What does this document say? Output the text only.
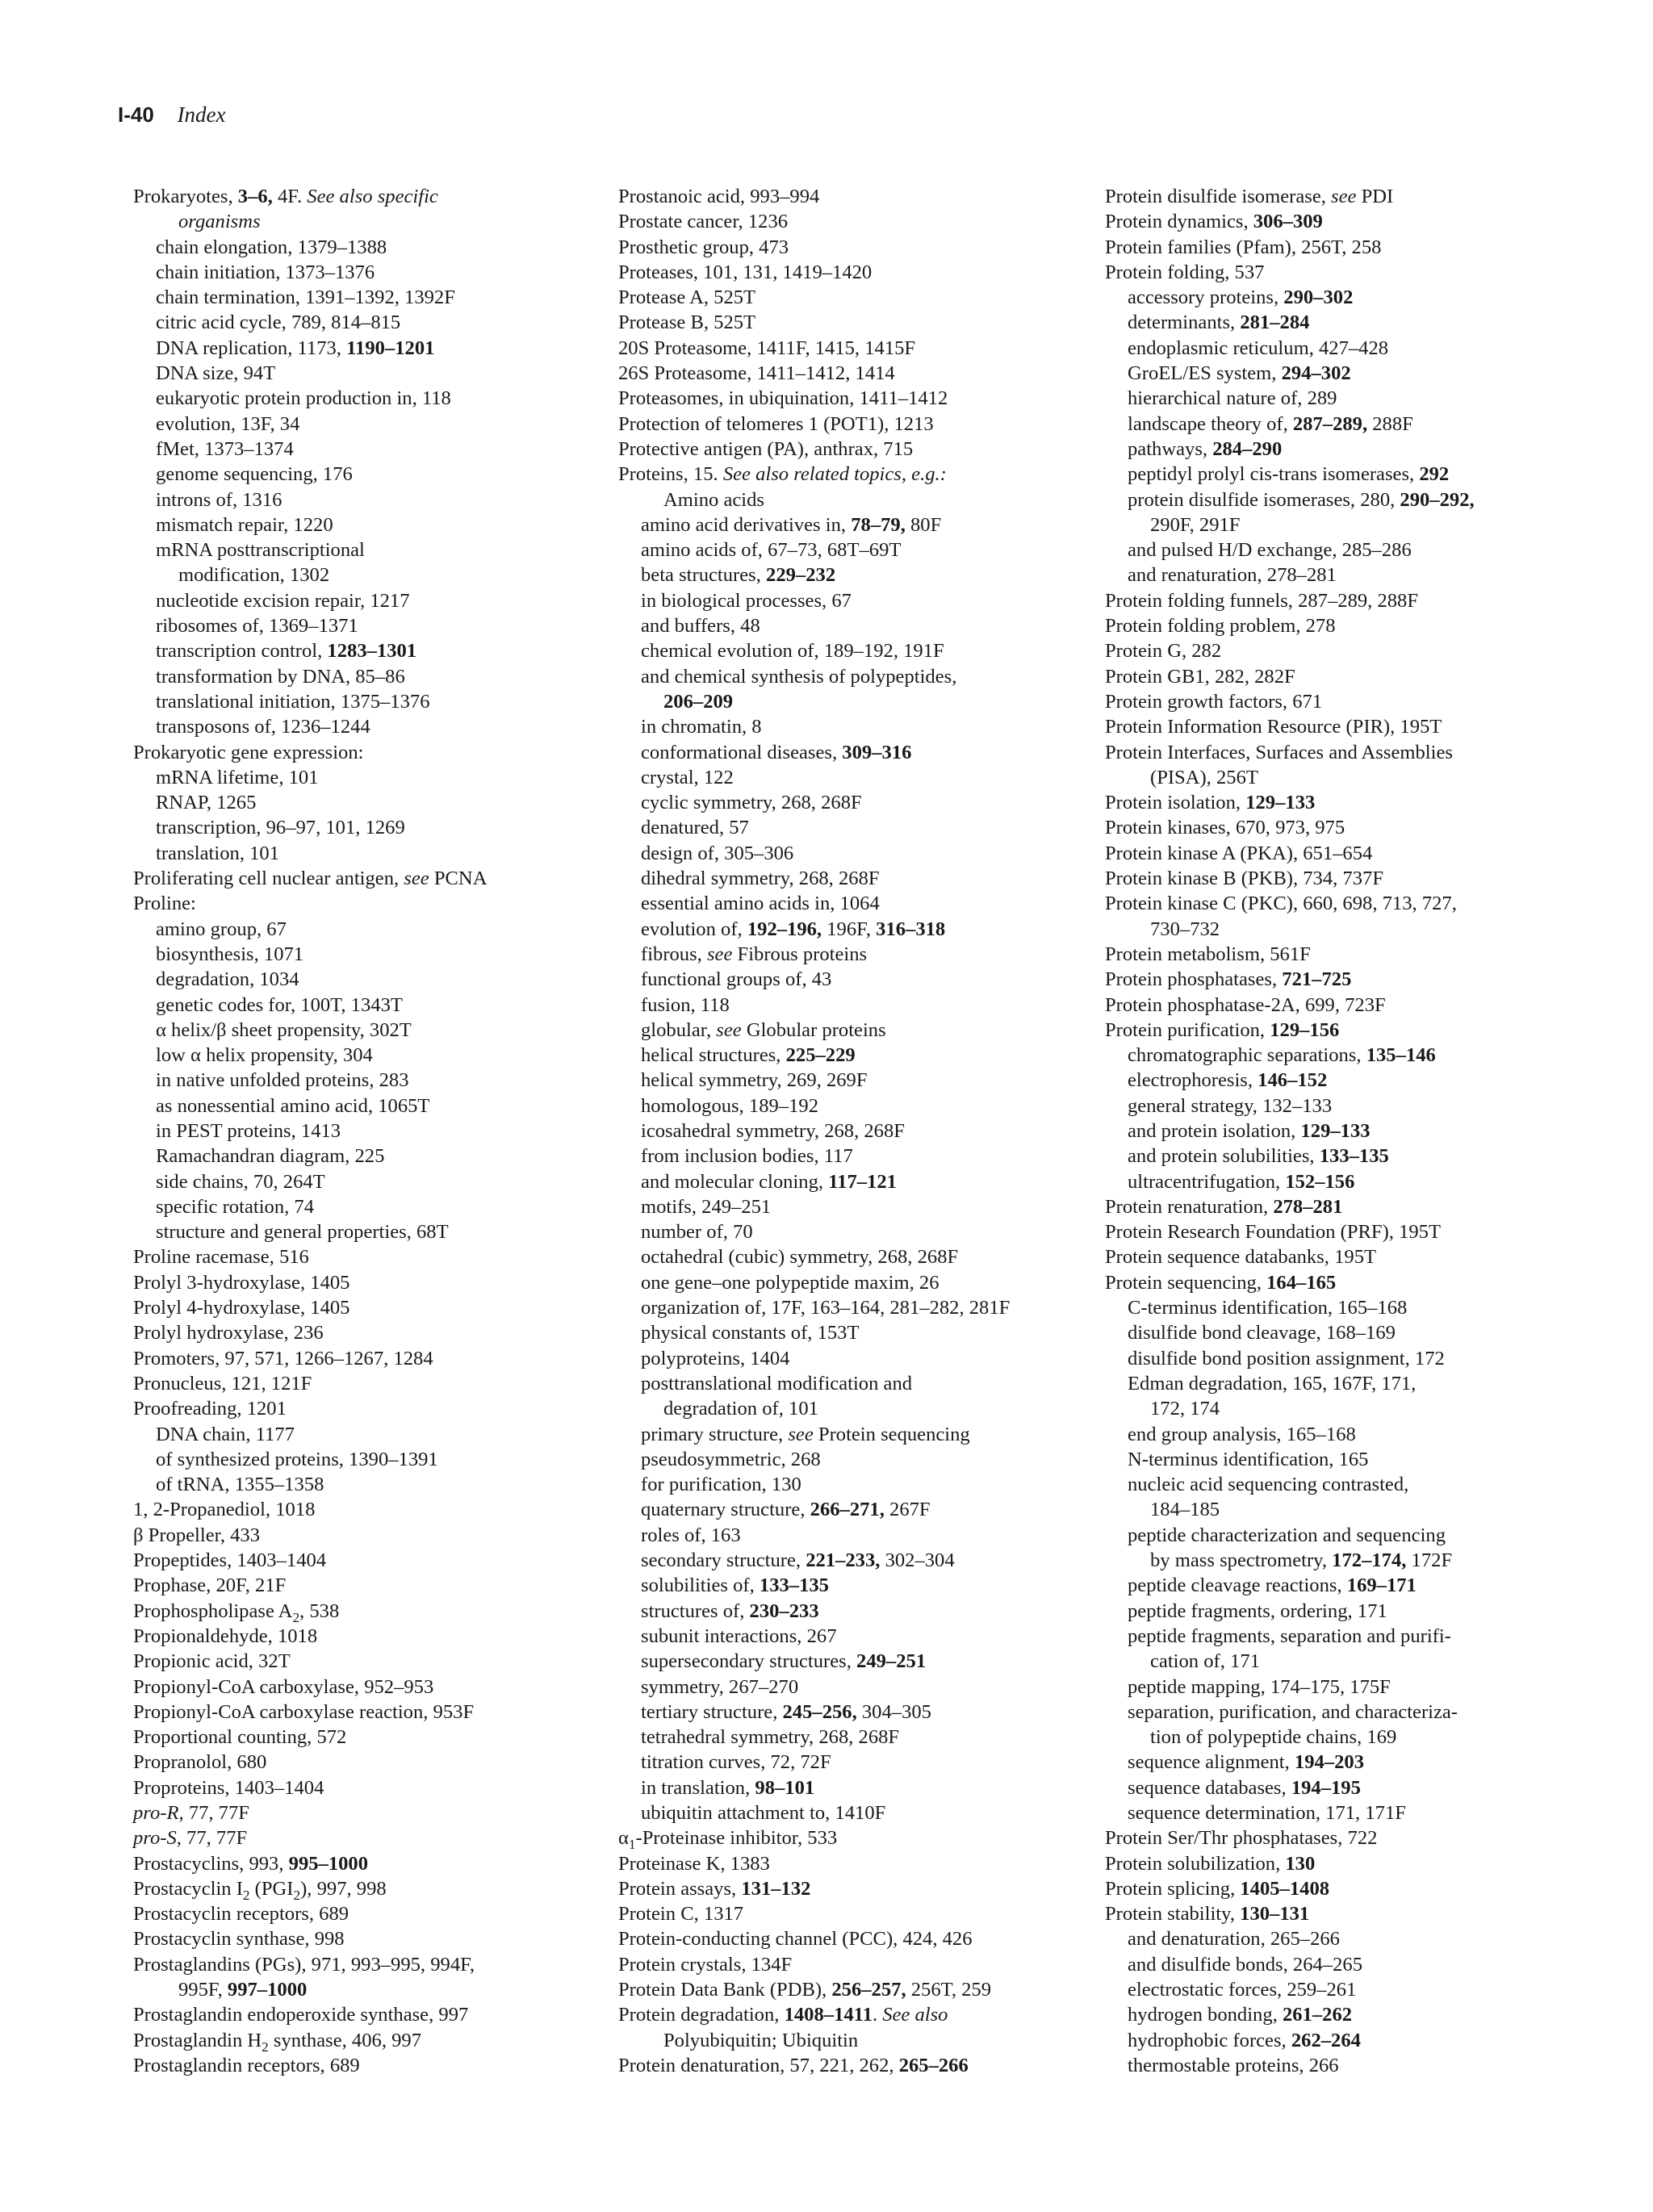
I-40 Index
Prokaryotes, 3–6, 4F. See also specific
organisms
chain elongation, 1379–1388
chain initiation, 1373–1376
chain termination, 1391–1392, 1392F
citric acid cycle, 789, 814–815
DNA replication, 1173, 1190–1201
DNA size, 94T
eukaryotic protein production in, 118
evolution, 13F, 34
fMet, 1373–1374
genome sequencing, 176
introns of, 1316
mismatch repair, 1220
mRNA posttranscriptional
modification, 1302
nucleotide excision repair, 1217
ribosomes of, 1369–1371
transcription control, 1283–1301
transformation by DNA, 85–86
translational initiation, 1375–1376
transposons of, 1236–1244
Prokaryotic gene expression:
mRNA lifetime, 101
RNAP, 1265
transcription, 96–97, 101, 1269
translation, 101
Proliferating cell nuclear antigen, see PCNA
Proline:
amino group, 67
biosynthesis, 1071
degradation, 1034
genetic codes for, 100T, 1343T
α helix/β sheet propensity, 302T
low α helix propensity, 304
in native unfolded proteins, 283
as nonessential amino acid, 1065T
in PEST proteins, 1413
Ramachandran diagram, 225
side chains, 70, 264T
specific rotation, 74
structure and general properties, 68T
Proline racemase, 516
Prolyl 3-hydroxylase, 1405
Prolyl 4-hydroxylase, 1405
Prolyl hydroxylase, 236
Promoters, 97, 571, 1266–1267, 1284
Pronucleus, 121, 121F
Proofreading, 1201
DNA chain, 1177
of synthesized proteins, 1390–1391
of tRNA, 1355–1358
1, 2-Propanediol, 1018
β Propeller, 433
Propeptides, 1403–1404
Prophase, 20F, 21F
Prophospholipase $A_2$, 538
Propionaldehyde, 1018
Propionic acid, 32T
Propionyl-CoA carboxylase, 952–953
Propionyl-CoA carboxylase reaction, 953F
Proportional counting, 572
Propranolol, 680
Proproteins, 1403–1404
pro-R, 77, 77F
pro-S, 77, 77F
Prostacyclins, 993, 995–1000
Prostacyclin $I_2$ $(PGI_2)$, 997, 998
Prostacyclin receptors, 689
Prostacyclin synthase, 998
Prostaglandins (PGs), 971, 993–995, 994F,
995F, 997–1000
Prostaglandin endoperoxide synthase, 997
Prostaglandin $H_2$ synthase, 406, 997
Prostaglandin receptors, 689
Prostanoic acid, 993–994
Prostate cancer, 1236
Prosthetic group, 473
Proteases, 101, 131, 1419–1420
Protease A, 525T
Protease B, 525T
20S Proteasome, 1411F, 1415, 1415F
26S Proteasome, 1411–1412, 1414
Proteasomes, in ubiquination, 1411–1412
Protection of telomeres 1 (POT1), 1213
Protective antigen (PA), anthrax, 715
Proteins, 15. See also related topics, e.g.:
Amino acids
amino acid derivatives in, 78–79, 80F
amino acids of, 67–73, 68T–69T
beta structures, 229–232
in biological processes, 67
and buffers, 48
chemical evolution of, 189–192, 191F
and chemical synthesis of polypeptides,
206–209
in chromatin, 8
conformational diseases, 309–316
crystal, 122
cyclic symmetry, 268, 268F
denatured, 57
design of, 305–306
dihedral symmetry, 268, 268F
essential amino acids in, 1064
evolution of, 192–196, 196F, 316–318
fibrous, see Fibrous proteins
functional groups of, 43
fusion, 118
globular, see Globular proteins
helical structures, 225–229
helical symmetry, 269, 269F
homologous, 189–192
icosahedral symmetry, 268, 268F
from inclusion bodies, 117
and molecular cloning, 117–121
motifs, 249–251
number of, 70
octahedral (cubic) symmetry, 268, 268F
one gene–one polypeptide maxim, 26
organization of, 17F, 163–164, 281–282, 281F
physical constants of, 153T
polyproteins, 1404
posttranslational modification and
degradation of, 101
primary structure, see Protein sequencing
pseudosymmetric, 268
for purification, 130
quaternary structure, 266–271, 267F
roles of, 163
secondary structure, 221–233, 302–304
solubilities of, 133–135
structures of, 230–233
subunit interactions, 267
supersecondary structures, 249–251
symmetry, 267–270
tertiary structure, 245–256, 304–305
tetrahedral symmetry, 268, 268F
titration curves, 72, 72F
in translation, 98–101
ubiquitin attachment to, 1410F
$\alpha_1$-Proteinase inhibitor, 533
Proteinase K, 1383
Protein assays, 131–132
Protein C, 1317
Protein-conducting channel (PCC), 424, 426
Protein crystals, 134F
Protein Data Bank (PDB), 256–257, 256T, 259
Protein degradation, 1408–1411. See also
Polyubiquitin; Ubiquitin
Protein denaturation, 57, 221, 262, 265–266
Protein disulfide isomerase, see PDI
Protein dynamics, 306–309
Protein families (Pfam), 256T, 258
Protein folding, 537
accessory proteins, 290–302
determinants, 281–284
endoplasmic reticulum, 427–428
GroEL/ES system, 294–302
hierarchical nature of, 289
landscape theory of, 287–289, 288F
pathways, 284–290
peptidyl prolyl cis-trans isomerases, 292
protein disulfide isomerases, 280, 290–292,
290F, 291F
and pulsed H/D exchange, 285–286
and renaturation, 278–281
Protein folding funnels, 287–289, 288F
Protein folding problem, 278
Protein G, 282
Protein GB1, 282, 282F
Protein growth factors, 671
Protein Information Resource (PIR), 195T
Protein Interfaces, Surfaces and Assemblies
(PISA), 256T
Protein isolation, 129–133
Protein kinases, 670, 973, 975
Protein kinase A (PKA), 651–654
Protein kinase B (PKB), 734, 737F
Protein kinase C (PKC), 660, 698, 713, 727,
730–732
Protein metabolism, 561F
Protein phosphatases, 721–725
Protein phosphatase-2A, 699, 723F
Protein purification, 129–156
chromatographic separations, 135–146
electrophoresis, 146–152
general strategy, 132–133
and protein isolation, 129–133
and protein solubilities, 133–135
ultracentrifugation, 152–156
Protein renaturation, 278–281
Protein Research Foundation (PRF), 195T
Protein sequence databanks, 195T
Protein sequencing, 164–165
C-terminus identification, 165–168
disulfide bond cleavage, 168–169
disulfide bond position assignment, 172
Edman degradation, 165, 167F, 171,
172, 174
end group analysis, 165–168
N-terminus identification, 165
nucleic acid sequencing contrasted,
184–185
peptide characterization and sequencing
by mass spectrometry, 172–174, 172F
peptide cleavage reactions, 169–171
peptide fragments, ordering, 171
peptide fragments, separation and purifi-
cation of, 171
peptide mapping, 174–175, 175F
separation, purification, and characteriza-
tion of polypeptide chains, 169
sequence alignment, 194–203
sequence databases, 194–195
sequence determination, 171, 171F
Protein Ser/Thr phosphatases, 722
Protein solubilization, 130
Protein splicing, 1405–1408
Protein stability, 130–131
and denaturation, 265–266
and disulfide bonds, 264–265
electrostatic forces, 259–261
hydrogen bonding, 261–262
hydrophobic forces, 262–264
thermostable proteins, 266
